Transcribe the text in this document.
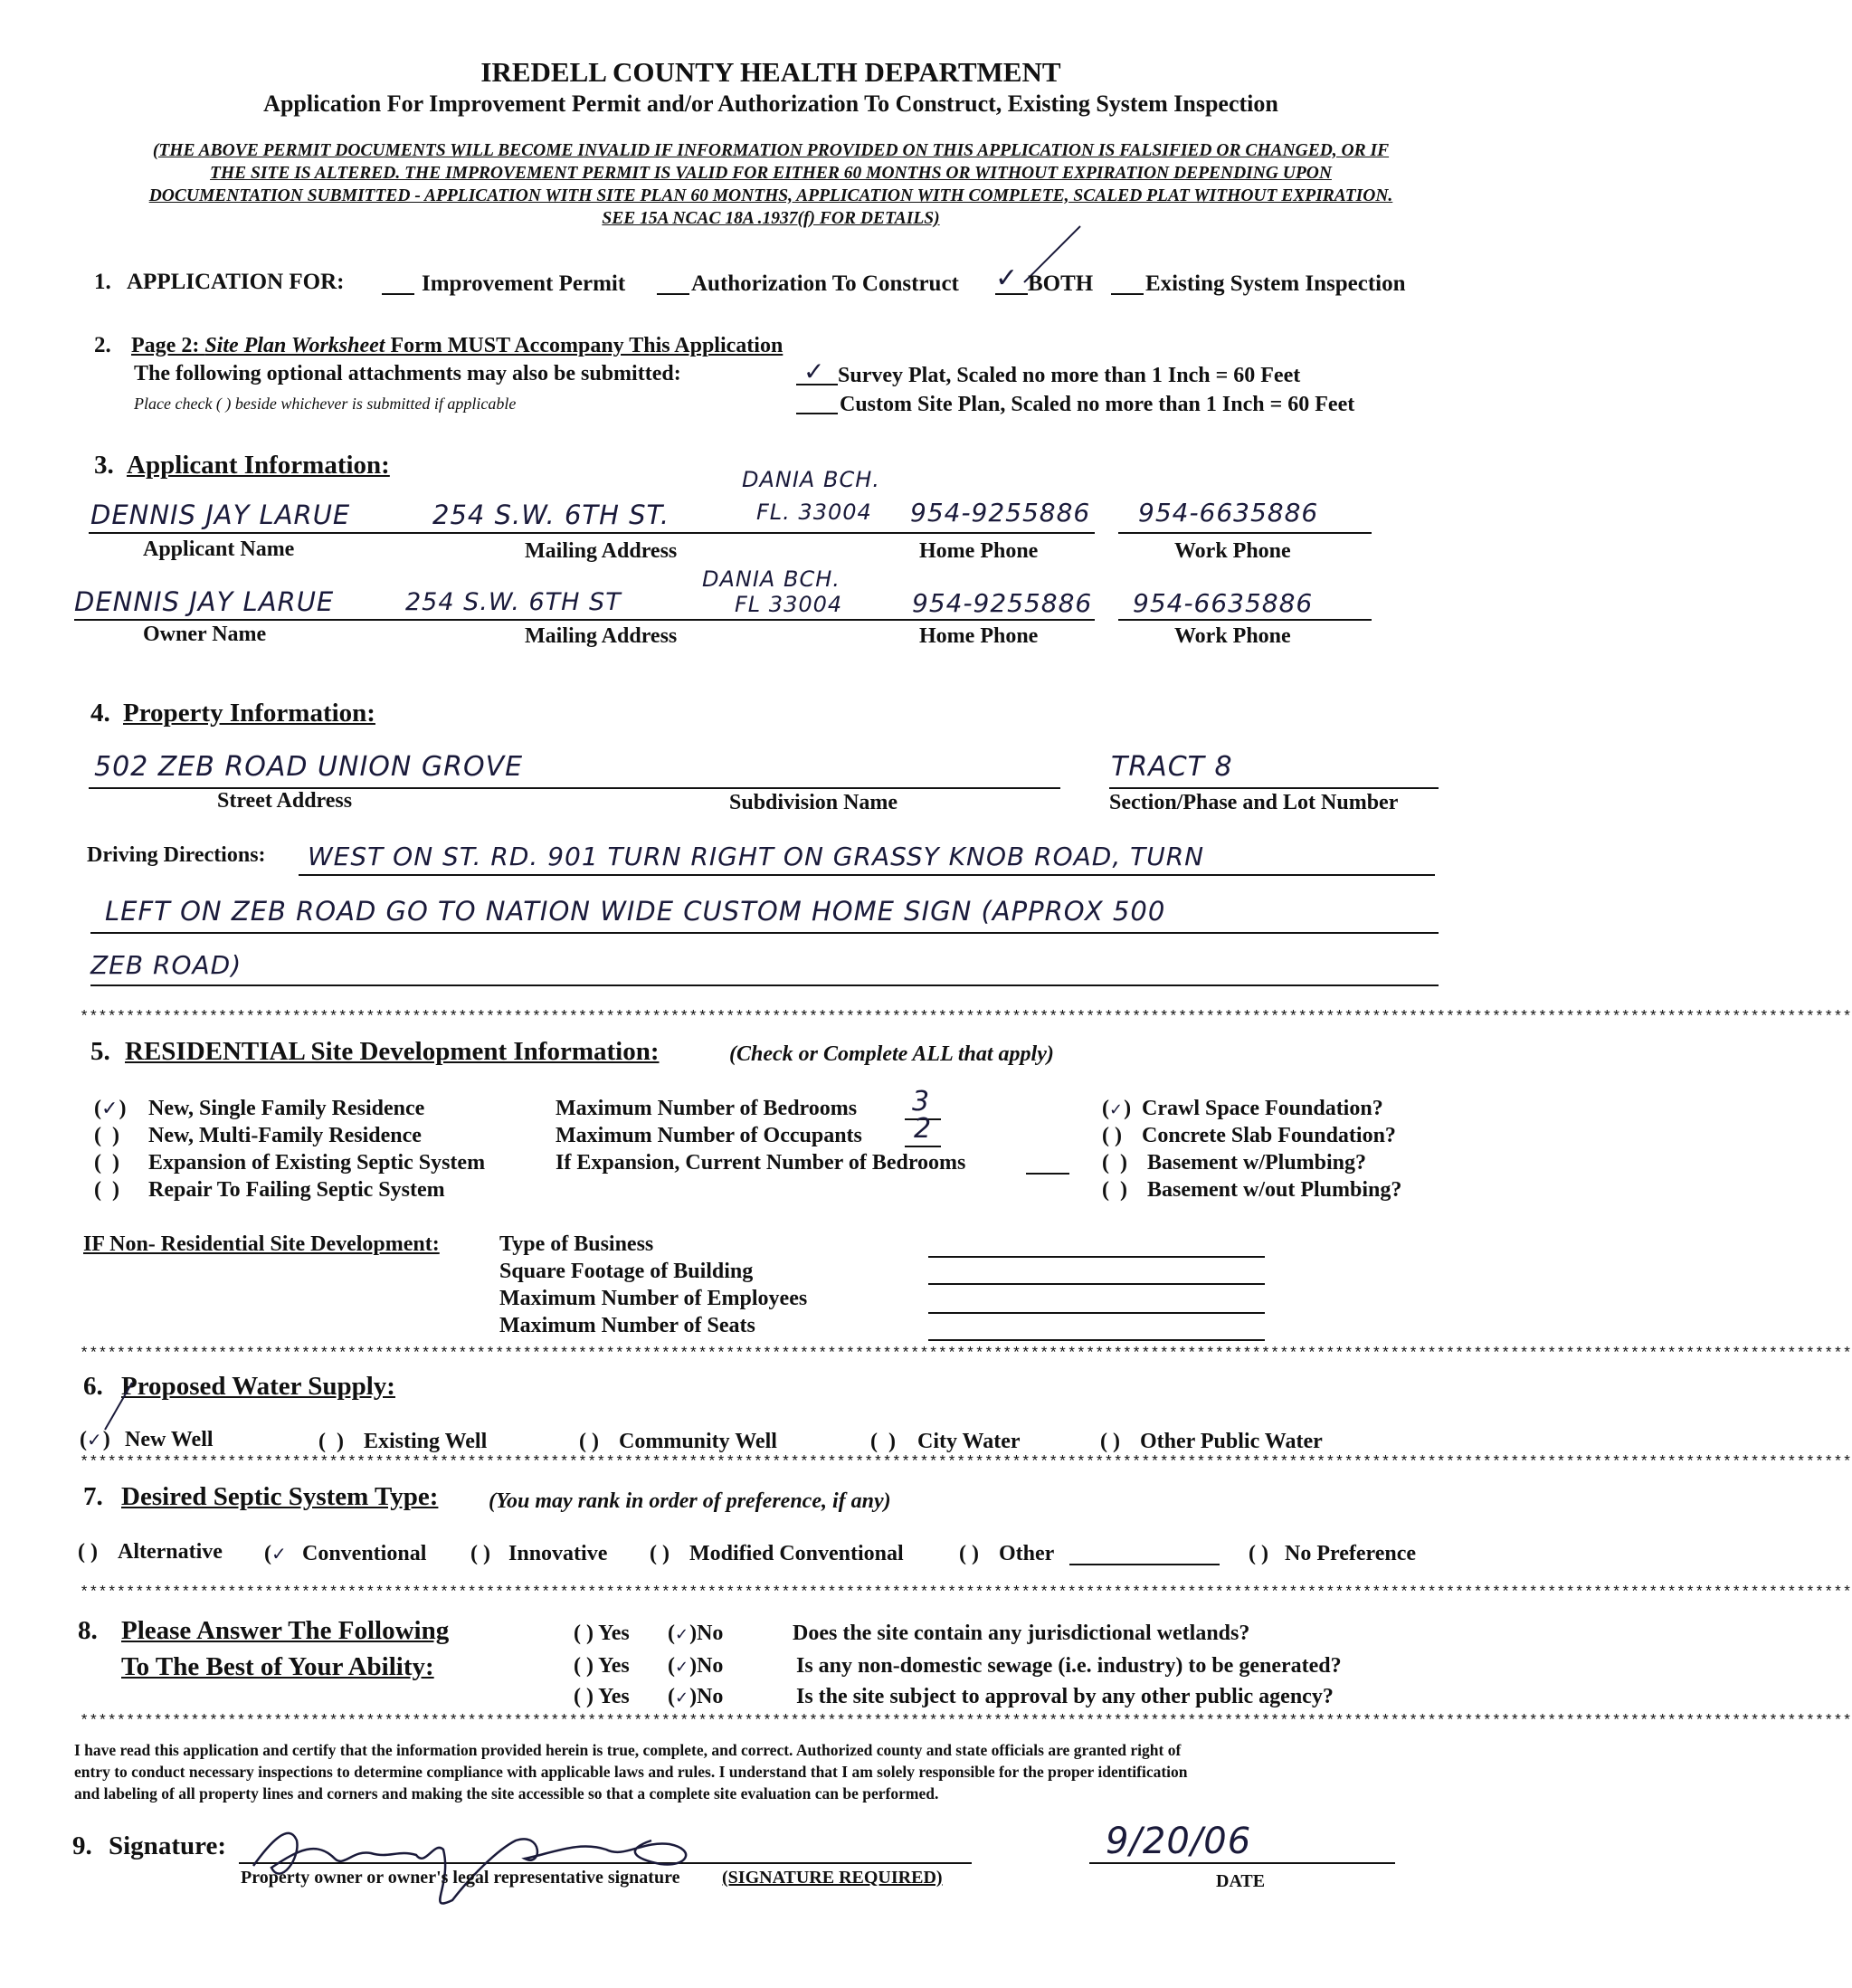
IREDELL COUNTY HEALTH DEPARTMENT
Application For Improvement Permit and/or Authorization To Construct, Existing System Inspection
(THE ABOVE PERMIT DOCUMENTS WILL BECOME INVALID IF INFORMATION PROVIDED ON THIS APPLICATION IS FALSIFIED OR CHANGED, OR IF
THE SITE IS ALTERED. THE IMPROVEMENT PERMIT IS VALID FOR EITHER 60 MONTHS OR WITHOUT EXPIRATION DEPENDING UPON
DOCUMENTATION SUBMITTED - APPLICATION WITH SITE PLAN 60 MONTHS, APPLICATION WITH COMPLETE, SCALED PLAT WITHOUT EXPIRATION.
SEE 15A NCAC 18A .1937(f) FOR DETAILS)
1. APPLICATION FOR:	Improvement Permit	Authorization To Construct ✓ BOTH Existing System Inspection
2. Page 2: Site Plan Worksheet Form MUST Accompany This Application
The following optional attachments may also be submitted:
Place check ( ) beside whichever is submitted if applicable
✓ Survey Plat, Scaled no more than 1 Inch = 60 Feet
Custom Site Plan, Scaled no more than 1 Inch = 60 Feet
3. Applicant Information:	DANIA BCH.
DENNIS JAY LARUE	254 S.W. 6TH ST.	FL. 33004 954-9255886 954-6635886
Applicant Name	Mailing Address	Home Phone	Work Phone
DANIA BCH.
DENNIS JAY LARUE	254 S.W. 6TH ST	FL 33004	954-9255886 954-6635886
Owner Name	Mailing Address	Home Phone	Work Phone
4. Property Information:
502 ZEB ROAD UNION GROVE	TRACT 8
Street Address	Subdivision Name	Section/Phase and Lot Number
Driving Directions: WEST ON ST. RD. 901 TURN RIGHT ON GRASSY KNOB ROAD, TURN
LEFT ON ZEB ROAD GO TO NATION WIDE CUSTOM HOME SIGN (APPROX 500
ZEB ROAD)
************************************************************************************************************************************************************************************************
5. RESIDENTIAL Site Development Information:	(Check or Complete ALL that apply)
(✓) New, Single Family Residence
(  ) New, Multi-Family Residence
(  ) Expansion of Existing Septic System
(  ) Repair To Failing Septic System
Maximum Number of Bedrooms 3
Maximum Number of Occupants 2
If Expansion, Current Number of Bedrooms
(✓) Crawl Space Foundation?
( ) Concrete Slab Foundation?
(  ) Basement w/Plumbing?
(  ) Basement w/out Plumbing?
IF Non- Residential Site Development:	Type of Business
Square Footage of Building
Maximum Number of Employees
Maximum Number of Seats
************************************************************************************************************************************************************************************************
6. Proposed Water Supply:
(✓) New Well	(  ) Existing Well	( ) Community Well	(  ) City Water	( ) Other Public Water
************************************************************************************************************************************************************************************************
7. Desired Septic System Type: (You may rank in order of preference, if any)
( ) Alternative (✓ Conventional ( ) Innovative ( ) Modified Conventional	( ) Other	( ) No Preference
************************************************************************************************************************************************************************************************
8. Please Answer The Following
To The Best of Your Ability:
( ) Yes (✓)No	Does the site contain any jurisdictional wetlands?
( ) Yes (✓)No	Is any non-domestic sewage (i.e. industry) to be generated?
( ) Yes (✓)No	Is the site subject to approval by any other public agency?
************************************************************************************************************************************************************************************************
I have read this application and certify that the information provided herein is true, complete, and correct. Authorized county and state officials are granted right of
entry to conduct necessary inspections to determine compliance with applicable laws and rules. I understand that I am solely responsible for the proper identification
and labeling of all property lines and corners and making the site accessible so that a complete site evaluation can be performed.
9. Signature:
Property owner or owner's legal representative signature (SIGNATURE REQUIRED)
9/20/06
DATE
